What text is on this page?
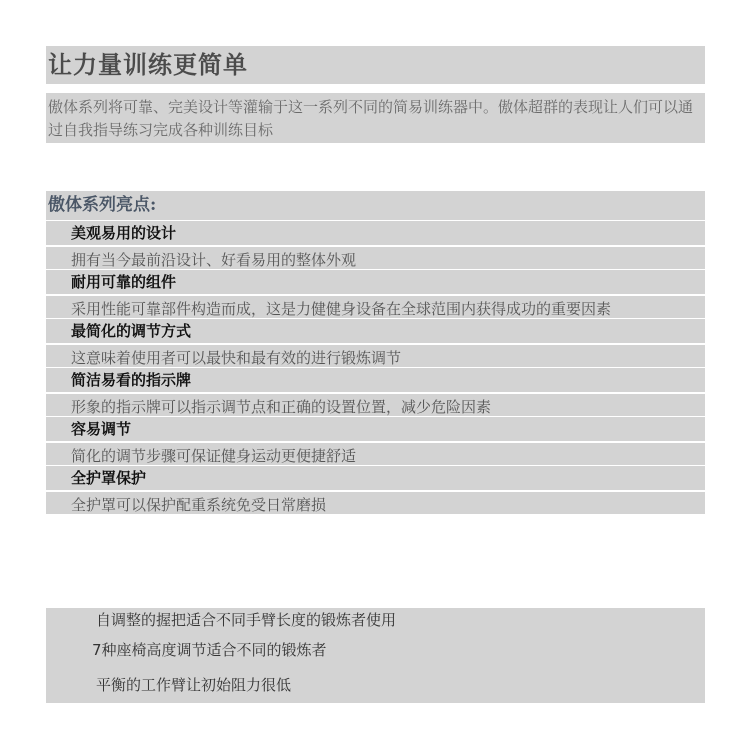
让力量训练更简单
傲体系列将可靠、完美设计等灌输于这一系列不同的简易训练器中。傲体超群的表现让人们可以通过自我指导练习完成各种训练目标
傲体系列亮点:
美观易用的设计
拥有当今最前沿设计、好看易用的整体外观
耐用可靠的组件
采用性能可靠部件构造而成，这是力健健身设备在全球范围内获得成功的重要因素
最简化的调节方式
这意味着使用者可以最快和最有效的进行锻炼调节
简洁易看的指示牌
形象的指示牌可以指示调节点和正确的设置位置，减少危险因素
容易调节
简化的调节步骤可保证健身运动更便捷舒适
全护罩保护
全护罩可以保护配重系统免受日常磨损
自调整的握把适合不同手臂长度的锻炼者使用
7种座椅高度调节适合不同的锻炼者
平衡的工作臂让初始阻力很低
